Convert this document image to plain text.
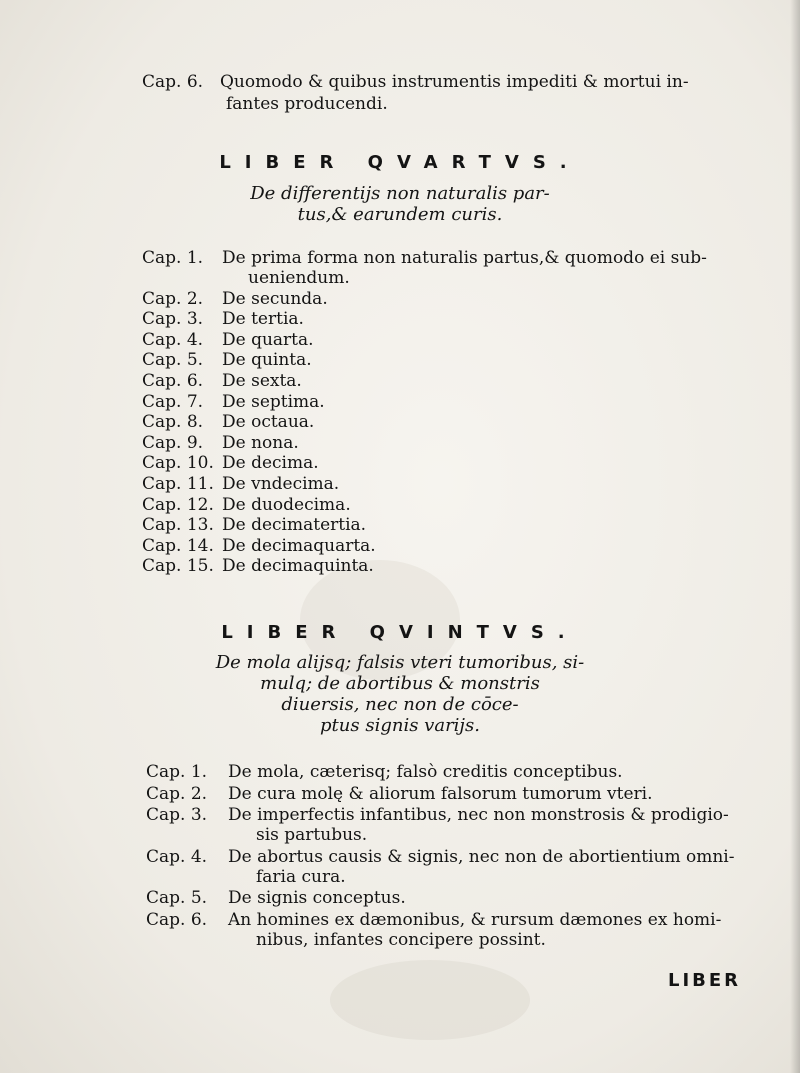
Cap. 6. Quomodo & quibus instrumentis impediti & mortui in-
fantes producendi.
LIBER QVARTVS.
De differentijs non naturalis par-
tus,& earundem curis.
Cap. 1. De prima forma non naturalis partus,& quomodo ei sub-
ueniendum.
Cap. 2. De secunda.
Cap. 3. De tertia.
Cap. 4. De quarta.
Cap. 5. De quinta.
Cap. 6. De sexta.
Cap. 7. De septima.
Cap. 8. De octaua.
Cap. 9. De nona.
Cap. 10. De decima.
Cap. 11. De vndecima.
Cap. 12. De duodecima.
Cap. 13. De decimatertia.
Cap. 14. De decimaquarta.
Cap. 15. De decimaquinta.
LIBER QVINTVS.
De mola alijsq; falsis vteri tumoribus, si-
mulq; de abortibus & monstris
diuersis, nec non de cōce-
ptus signis varijs.
Cap. 1. De mola, cæterisq; falsò creditis conceptibus.
Cap. 2. De cura molę & aliorum falsorum tumorum vteri.
Cap. 3. De imperfectis infantibus, nec non monstrosis & prodigio-
sis partubus.
Cap. 4. De abortus causis & signis, nec non de abortientium omni-
faria cura.
Cap. 5. De signis conceptus.
Cap. 6. An homines ex dæmonibus, & rursum dæmones ex homi-
nibus, infantes concipere possint.
LIBER
